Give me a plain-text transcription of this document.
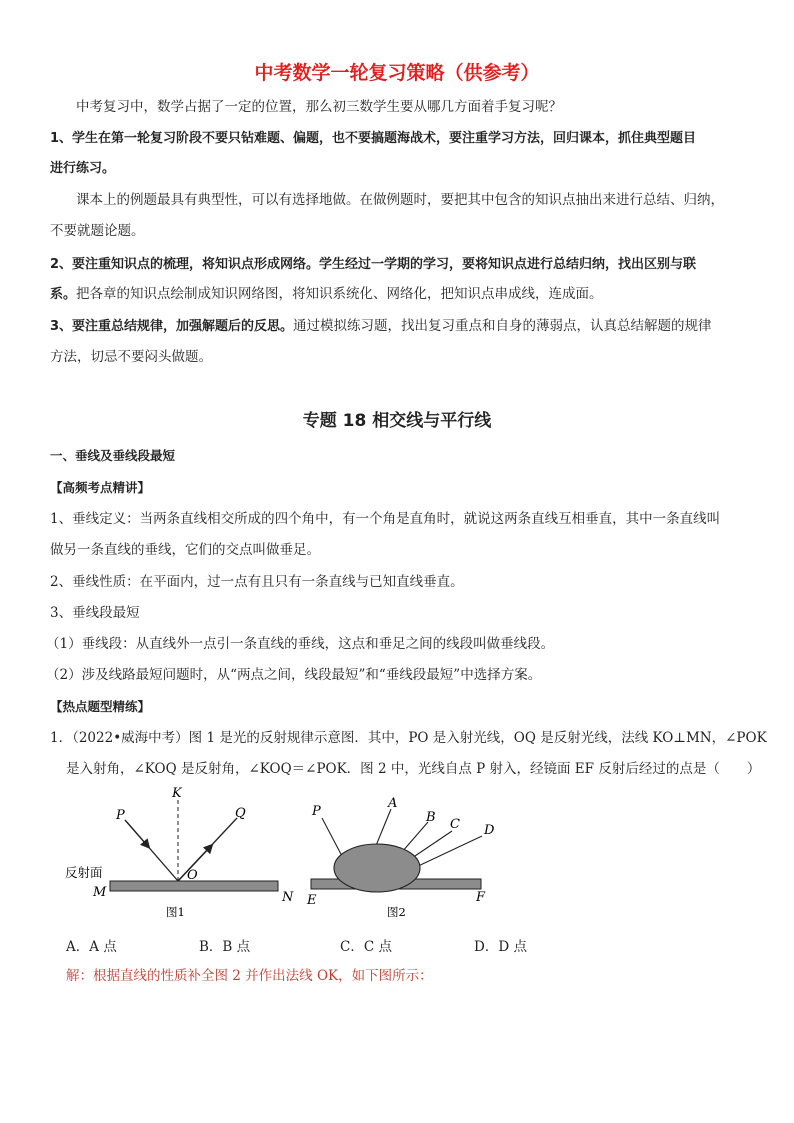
中考数学一轮复习策略（供参考）
中考复习中，数学占据了一定的位置，那么初三数学生要从哪几方面着手复习呢？
1、学生在第一轮复习阶段不要只钻难题、偏题，也不要搞题海战术，要注重学习方法，回归课本，抓住典型题目
进行练习。
课本上的例题最具有典型性，可以有选择地做。在做例题时，要把其中包含的知识点抽出来进行总结、归纳，
不要就题论题。
2、要注重知识点的梳理，将知识点形成网络。学生经过一学期的学习，要将知识点进行总结归纳，找出区别与联
系。把各章的知识点绘制成知识网络图，将知识系统化、网络化，把知识点串成线，连成面。
3、要注重总结规律，加强解题后的反思。通过模拟练习题，找出复习重点和自身的薄弱点，认真总结解题的规律
方法，切忌不要闷头做题。
专题 18 相交线与平行线
一、垂线及垂线段最短
【高频考点精讲】
1、垂线定义：当两条直线相交所成的四个角中，有一个角是直角时，就说这两条直线互相垂直，其中一条直线叫
做另一条直线的垂线，它们的交点叫做垂足。
2、垂线性质：在平面内，过一点有且只有一条直线与已知直线垂直。
3、垂线段最短
（1）垂线段：从直线外一点引一条直线的垂线，这点和垂足之间的线段叫做垂线段。
（2）涉及线路最短问题时，从“两点之间，线段最短”和“垂线段最短”中选择方案。
【热点题型精练】
1．（2022•威海中考）图 1 是光的反射规律示意图．其中，PO 是入射光线，OQ 是反射光线，法线 KO⊥MN，∠POK
是入射角，∠KOQ 是反射角，∠KOQ＝∠POK．图 2 中，光线自点 P 射入，经镜面 EF 反射后经过的点是（　　）
P
K
Q
O
M	N
反射面
图1
P
A
B C D
E	F
图2
A．A 点	B．B 点	C．C 点	D．D 点
解：根据直线的性质补全图 2 并作出法线 OK，如下图所示：
